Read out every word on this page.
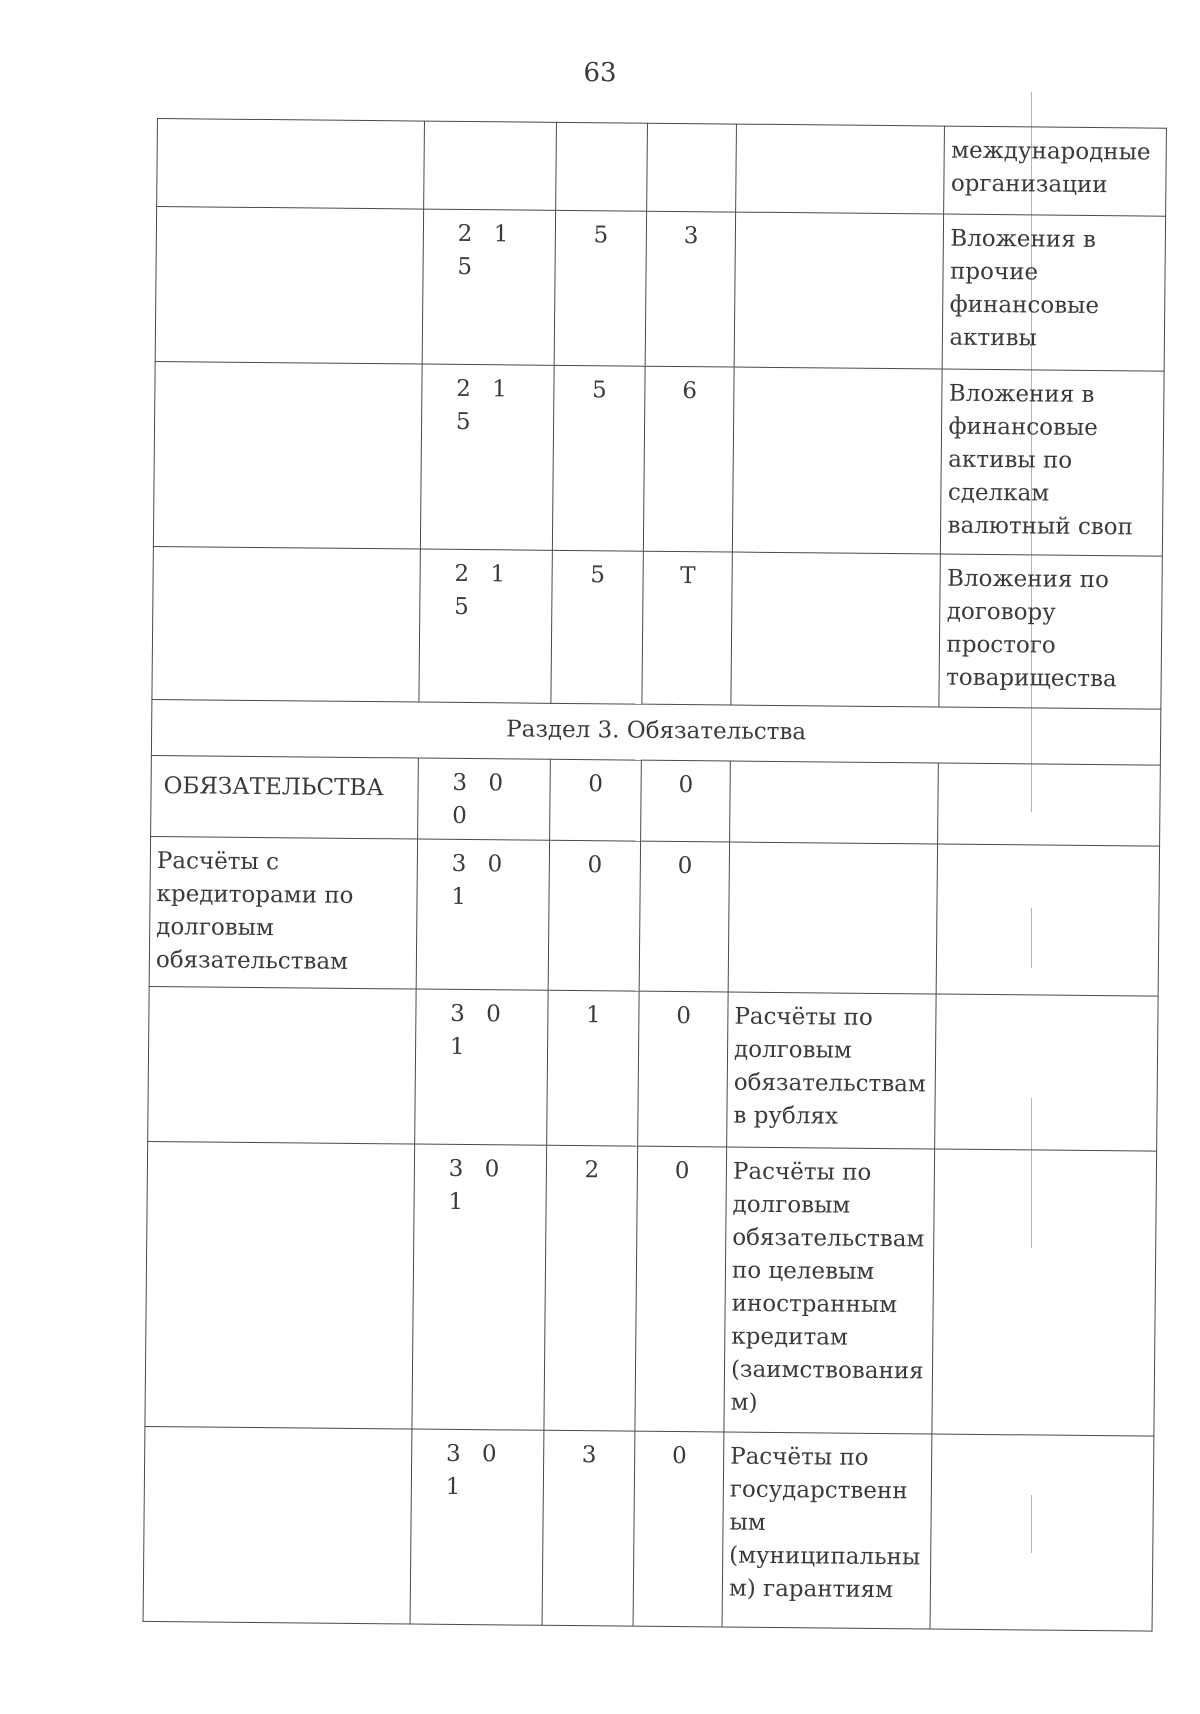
63
					международные организации
	2 1 5	5	3		Вложения в прочие финансовые активы
	2 1 5	5	6		Вложения в финансовые активы по сделкам валютный своп
	2 1 5	5	Т		Вложения по договору простого товарищества
Раздел 3. Обязательства					
ОБЯЗАТЕЛЬСТВА	3 0 0	0	0		
Расчёты с кредиторами по долговым обязательствам	3 0 1	0	0		
	3 0 1	1	0	Расчёты по долговым обязательствам в рублях	
	3 0 1	2	0	Расчёты по долговым обязательствам по целевым иностранным кредитам (заимствованиям)	
	3 0 1	3	0	Расчёты по государственным (муниципальным) гарантиям	
